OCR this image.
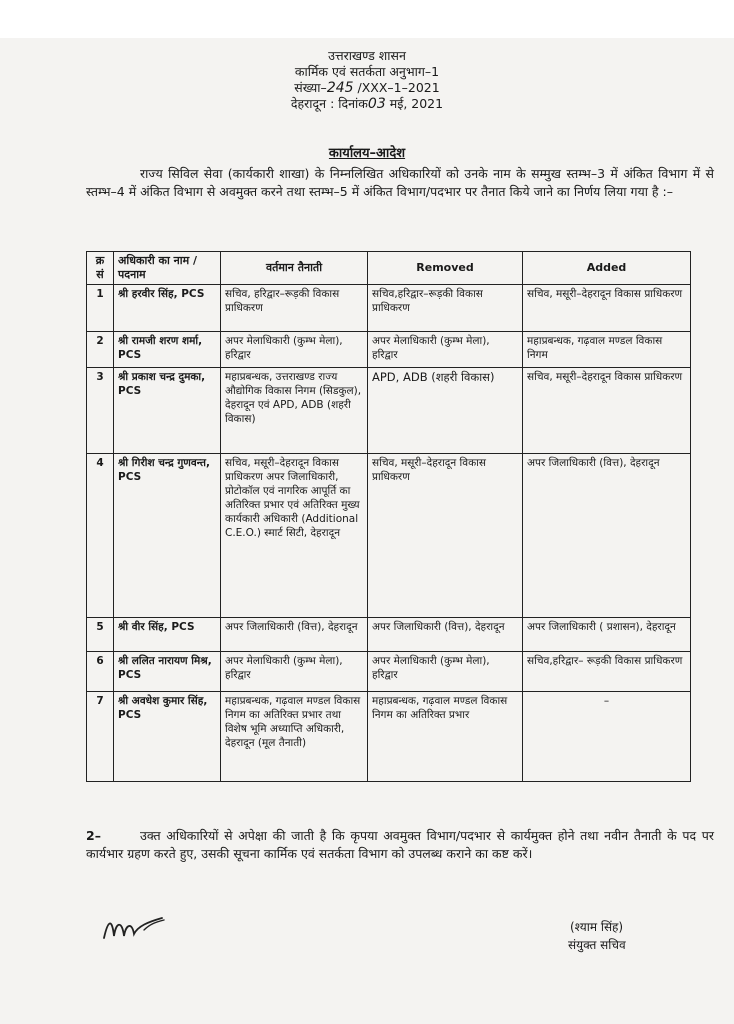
उत्तराखण्ड शासन
कार्मिक एवं सतर्कता अनुभाग–1
संख्या–245 /XXX–1–2021
देहरादून : दिनांक03 मई, 2021
कार्यालय–आदेश
राज्य सिविल सेवा (कार्यकारी शाखा) के निम्नलिखित अधिकारियों को उनके नाम के सम्मुख स्तम्भ–3 में अंकित विभाग में से स्तम्भ–4 में अंकित विभाग से अवमुक्त करने तथा स्तम्भ–5 में अंकित विभाग/पदभार पर तैनात किये जाने का निर्णय लिया गया है :–
क्र सं	अधिकारी का नाम /पदनाम	वर्तमान तैनाती	Removed	Added
1	श्री हरवीर सिंह, PCS	सचिव, हरिद्वार–रूड़की विकास प्राधिकरण	सचिव,हरिद्वार–रूड़की विकास प्राधिकरण	सचिव, मसूरी–देहरादून विकास प्राधिकरण
2	श्री रामजी शरण शर्मा, PCS	अपर मेलाधिकारी (कुम्भ मेला), हरिद्वार	अपर मेलाधिकारी (कुम्भ मेला), हरिद्वार	महाप्रबन्धक, गढ़वाल मण्डल विकास निगम
3	श्री प्रकाश चन्द्र दुमका, PCS	महाप्रबन्धक, उत्तराखण्ड राज्य औद्योगिक विकास निगम (सिडकुल), देहरादून एवं APD, ADB (शहरी विकास)	APD, ADB (शहरी विकास)	सचिव, मसूरी–देहरादून विकास प्राधिकरण
4	श्री गिरीश चन्द्र गुणवन्त, PCS	सचिव, मसूरी–देहरादून विकास प्राधिकरण अपर जिलाधिकारी, प्रोटोकॉल एवं नागरिक आपूर्ति का अतिरिक्त प्रभार एवं अतिरिक्त मुख्य कार्यकारी अधिकारी (Additional C.E.O.) स्मार्ट सिटी, देहरादून	सचिव, मसूरी–देहरादून विकास प्राधिकरण	अपर जिलाधिकारी (वित्त), देहरादून
5	श्री वीर सिंह, PCS	अपर जिलाधिकारी (वित्त), देहरादून	अपर जिलाधिकारी (वित्त), देहरादून	अपर जिलाधिकारी ( प्रशासन), देहरादून
6	श्री ललित नारायण मिश्र, PCS	अपर मेलाधिकारी (कुम्भ मेला), हरिद्वार	अपर मेलाधिकारी (कुम्भ मेला), हरिद्वार	सचिव,हरिद्वार– रूड़की विकास प्राधिकरण
7	श्री अवधेश कुमार सिंह, PCS	महाप्रबन्धक, गढ़वाल मण्डल विकास निगम का अतिरिक्त प्रभार तथा विशेष भूमि अध्याप्ति अधिकारी, देहरादून (मूल तैनाती)	महाप्रबन्धक, गढ़वाल मण्डल विकास निगम का अतिरिक्त प्रभार	–
2–	उक्त अधिकारियों से अपेक्षा की जाती है कि कृपया अवमुक्त विभाग/पदभार से कार्यमुक्त होने तथा नवीन तैनाती के पद पर कार्यभार ग्रहण करते हुए, उसकी सूचना कार्मिक एवं सतर्कता विभाग को उपलब्ध कराने का कष्ट करें।
(श्याम सिंह)
संयुक्त सचिव
